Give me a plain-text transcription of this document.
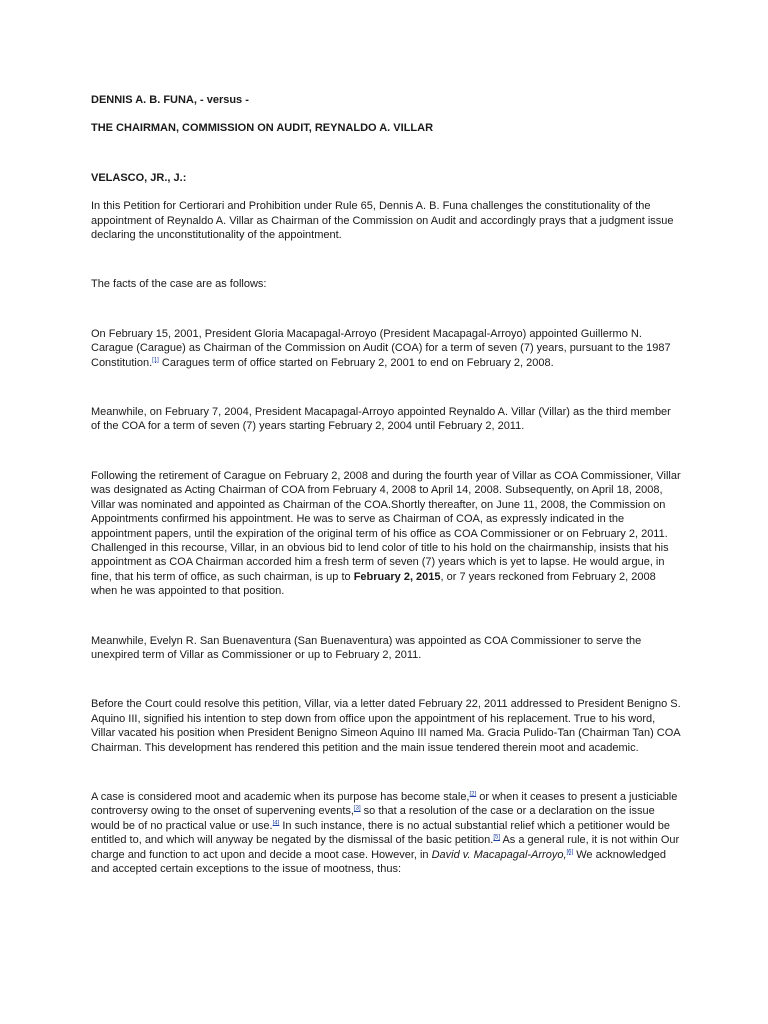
DENNIS A. B. FUNA, - versus -

THE CHAIRMAN, COMMISSION ON AUDIT, REYNALDO A. VILLAR

VELASCO, JR., J.:

In this Petition for Certiorari and Prohibition under Rule 65, Dennis A. B. Funa challenges the constitutionality of the appointment of Reynaldo A. Villar as Chairman of the Commission on Audit and accordingly prays that a judgment issue declaring the unconstitutionality of the appointment.

The facts of the case are as follows:

On February 15, 2001, President Gloria Macapagal-Arroyo (President Macapagal-Arroyo) appointed Guillermo N. Carague (Carague) as Chairman of the Commission on Audit (COA) for a term of seven (7) years, pursuant to the 1987 Constitution.[1] Caragues term of office started on February 2, 2001 to end on February 2, 2008.

Meanwhile, on February 7, 2004, President Macapagal-Arroyo appointed Reynaldo A. Villar (Villar) as the third member of the COA for a term of seven (7) years starting February 2, 2004 until February 2, 2011.

Following the retirement of Carague on February 2, 2008 and during the fourth year of Villar as COA Commissioner, Villar was designated as Acting Chairman of COA from February 4, 2008 to April 14, 2008. Subsequently, on April 18, 2008, Villar was nominated and appointed as Chairman of the COA.Shortly thereafter, on June 11, 2008, the Commission on Appointments confirmed his appointment. He was to serve as Chairman of COA, as expressly indicated in the appointment papers, until the expiration of the original term of his office as COA Commissioner or on February 2, 2011. Challenged in this recourse, Villar, in an obvious bid to lend color of title to his hold on the chairmanship, insists that his appointment as COA Chairman accorded him a fresh term of seven (7) years which is yet to lapse. He would argue, in fine, that his term of office, as such chairman, is up to February 2, 2015, or 7 years reckoned from February 2, 2008 when he was appointed to that position.

Meanwhile, Evelyn R. San Buenaventura (San Buenaventura) was appointed as COA Commissioner to serve the unexpired term of Villar as Commissioner or up to February 2, 2011.

Before the Court could resolve this petition, Villar, via a letter dated February 22, 2011 addressed to President Benigno S. Aquino III, signified his intention to step down from office upon the appointment of his replacement. True to his word, Villar vacated his position when President Benigno Simeon Aquino III named Ma. Gracia Pulido-Tan (Chairman Tan) COA Chairman. This development has rendered this petition and the main issue tendered therein moot and academic.

A case is considered moot and academic when its purpose has become stale,[2] or when it ceases to present a justiciable controversy owing to the onset of supervening events,[3] so that a resolution of the case or a declaration on the issue would be of no practical value or use.[4] In such instance, there is no actual substantial relief which a petitioner would be entitled to, and which will anyway be negated by the dismissal of the basic petition.[5] As a general rule, it is not within Our charge and function to act upon and decide a moot case. However, in David v. Macapagal-Arroyo,[6] We acknowledged and accepted certain exceptions to the issue of mootness, thus:
